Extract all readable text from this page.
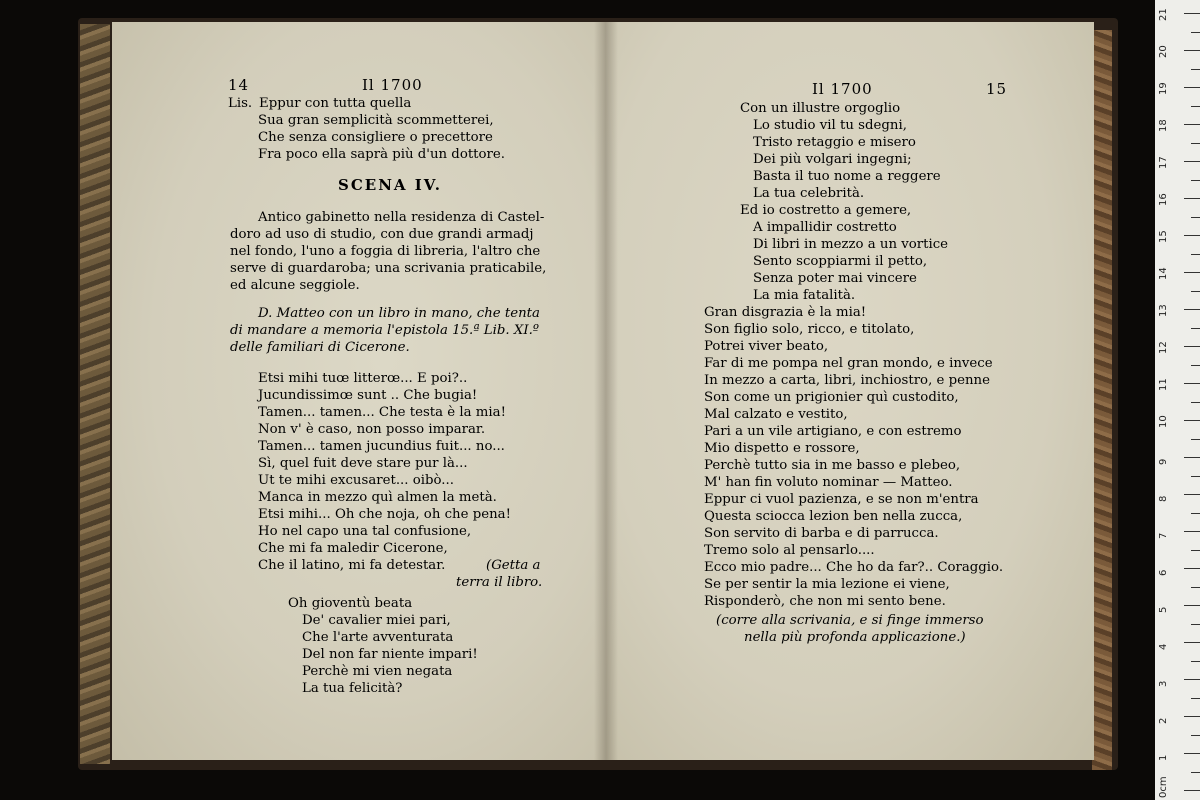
14	Il 1700
Lis. Eppur con tutta quella
Sua gran semplicità scommetterei,
Che senza consigliere o precettore
Fra poco ella saprà più d'un dottore.
SCENA IV.
Antico gabinetto nella residenza di Castel-
doro ad uso di studio, con due grandi armadj
nel fondo, l'uno a foggia di libreria, l'altro che
serve di guardaroba; una scrivania praticabile,
ed alcune seggiole.
D. Matteo con un libro in mano, che tenta
di mandare a memoria l'epistola 15.ª Lib. XI.º
delle familiari di Cicerone.
Etsi mihi tuœ litterœ... E poi?..
Jucundissimœ sunt .. Che bugia!
Tamen... tamen... Che testa è la mia!
Non v' è caso, non posso imparar.
Tamen... tamen jucundius fuit... no...
Sì, quel fuit deve stare pur là...
Ut te mihi excusaret... oibò...
Manca in mezzo quì almen la metà.
Etsi mihi... Oh che noja, oh che pena!
Ho nel capo una tal confusione,
Che mi fa maledir Cicerone,
Che il latino, mi fa detestar.	(Getta a
terra il libro.
Oh gioventù beata
De' cavalier miei pari,
Che l'arte avventurata
Del non far niente impari!
Perchè mi vien negata
La tua felicità?
Il 1700	15
Con un illustre orgoglio
Lo studio vil tu sdegni,
Tristo retaggio e misero
Dei più volgari ingegni;
Basta il tuo nome a reggere
La tua celebrità.
Ed io costretto a gemere,
A impallidir costretto
Di libri in mezzo a un vortice
Sento scoppiarmi il petto,
Senza poter mai vincere
La mia fatalità.
Gran disgrazia è la mia!
Son figlio solo, ricco, e titolato,
Potrei viver beato,
Far di me pompa nel gran mondo, e invece
In mezzo a carta, libri, inchiostro, e penne
Son come un prigionier quì custodito,
Mal calzato e vestito,
Pari a un vile artigiano, e con estremo
Mio dispetto e rossore,
Perchè tutto sia in me basso e plebeo,
M' han fin voluto nominar — Matteo.
Eppur ci vuol pazienza, e se non m'entra
Questa sciocca lezion ben nella zucca,
Son servito di barba e di parrucca.
Tremo solo al pensarlo....
Ecco mio padre... Che ho da far?.. Coraggio.
Se per sentir la mia lezione ei viene,
Risponderò, che non mi sento bene.
(corre alla scrivania, e si finge immerso
nella più profonda applicazione.)
0cm
1
2
3
4
5
6
7
8
9
10
11
12
13
14
15
16
17
18
19
20
21
